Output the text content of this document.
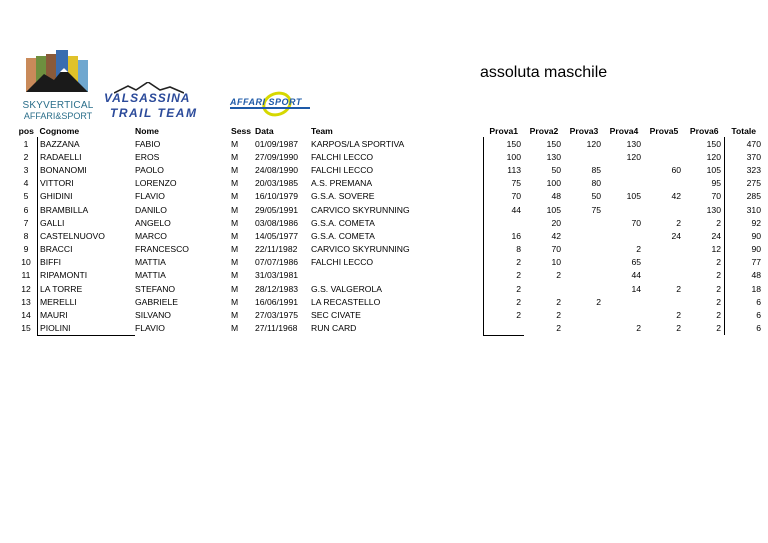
SKYVERTICAL
AFFARI&SPORT
VALSASSINA
TRAIL TEAM
AFFARI SPORT
assoluta maschile
pos	Cognome	Nome	Sess	Data	Team	Prova1	Prova2	Prova3	Prova4	Prova5	Prova6	Totale
1	BAZZANA	FABIO	M	01/09/1987	KARPOS/LA SPORTIVA	150	150	120	130		150	470
2	RADAELLI	EROS	M	27/09/1990	FALCHI LECCO	100	130		120		120	370
3	BONANOMI	PAOLO	M	24/08/1990	FALCHI LECCO	113	50	85		60	105	323
4	VITTORI	LORENZO	M	20/03/1985	A.S. PREMANA	75	100	80			95	275
5	GHIDINI	FLAVIO	M	16/10/1979	G.S.A. SOVERE	70	48	50	105	42	70	285
6	BRAMBILLA	DANILO	M	29/05/1991	CARVICO SKYRUNNING	44	105	75			130	310
7	GALLI	ANGELO	M	03/08/1986	G.S.A. COMETA		20		70	2	2	92
8	CASTELNUOVO	MARCO	M	14/05/1977	G.S.A. COMETA	16	42			24	24	90
9	BRACCI	FRANCESCO	M	22/11/1982	CARVICO SKYRUNNING	8	70		2		12	90
10	BIFFI	MATTIA	M	07/07/1986	FALCHI LECCO	2	10		65		2	77
11	RIPAMONTI	MATTIA	M	31/03/1981		2	2		44		2	48
12	LA TORRE	STEFANO	M	28/12/1983	G.S. VALGEROLA	2			14	2	2	18
13	MERELLI	GABRIELE	M	16/06/1991	LA RECASTELLO	2	2	2			2	6
14	MAURI	SILVANO	M	27/03/1975	SEC CIVATE	2	2			2	2	6
15	PIOLINI	FLAVIO	M	27/11/1968	RUN CARD		2		2	2	2	6
